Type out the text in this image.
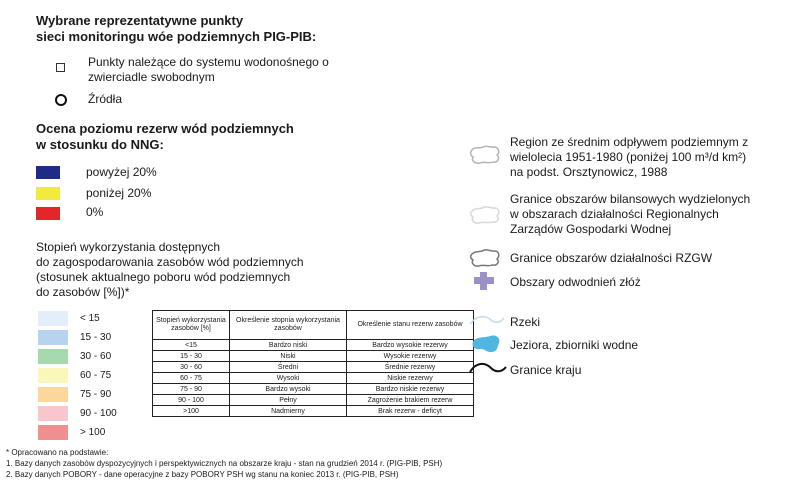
Wybrane reprezentatywne punkty
sieci monitoringu wóe podziemnych PIG-PIB:
Punkty należące do systemu wodonośnego o
zwierciadle swobodnym
Źródła
Ocena poziomu rezerw wód podziemnych
w stosunku do NNG:
powyżej 20%
poniżej 20%
0%
Stopień wykorzystania dostępnych
do zagospodarowania zasobów wód podziemnych
(stosunek aktualnego poboru wód podziemnych
do zasobów [%])*
< 15
15 - 30
30 - 60
60 - 75
75 - 90
90 - 100
> 100
Stopień wykorzystania zasobów [%]	Określenie stopnia wykorzystania zasobów	Określenie stanu rezerw zasobów
<15	Bardzo niski	Bardzo wysokie rezerwy
15 - 30	Niski	Wysokie rezerwy
30 - 60	Średni	Średnie rezerwy
60 - 75	Wysoki	Niskie rezerwy
75 - 90	Bardzo wysoki	Bardzo niskie rezerwy
90 - 100	Pełny	Zagrożenie brakiem rezerw
>100	Nadmierny	Brak rezerw - deficyt
Region ze średnim odpływem podziemnym z
wielolecia 1951-1980 (poniżej 100 m³/d km²)
na podst. Orsztynowicz, 1988
Granice obszarów bilansowych wydzielonych
w obszarach działalności Regionalnych
Zarządów Gospodarki Wodnej
Granice obszarów działalności RZGW
Obszary odwodnień złóż
Rzeki
Jeziora, zbiorniki wodne
Granice kraju
* Opracowano na podstawie:
1. Bazy danych zasobów dyspozycyjnych i perspektywicznych na obszarze kraju - stan na grudzień 2014 r. (PIG-PIB, PSH)
2. Bazy danych POBORY - dane operacyjne z bazy POBORY PSH wg stanu na koniec 2013 r. (PIG-PIB, PSH)
